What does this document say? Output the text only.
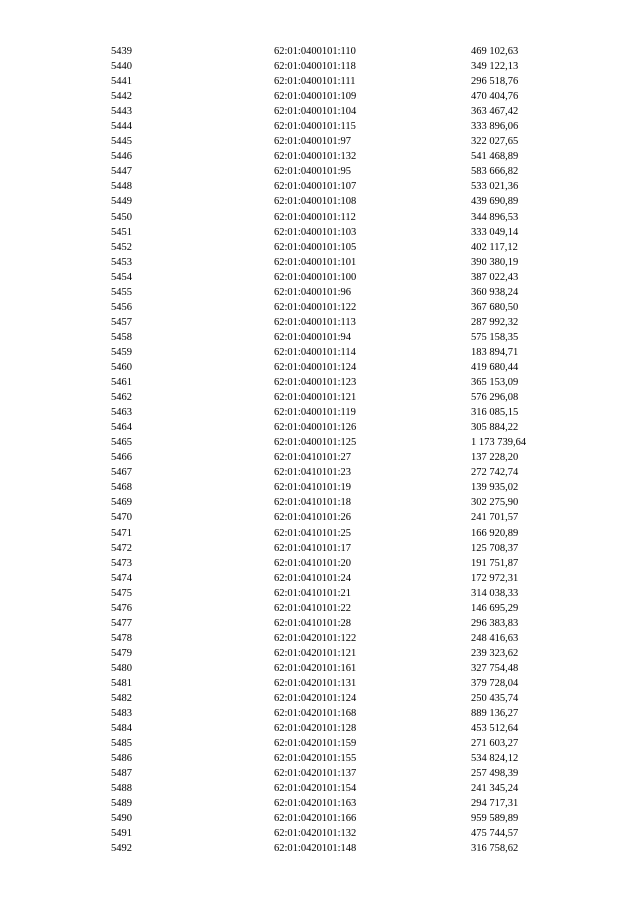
5439	62:01:0400101:110	469 102,63
5440	62:01:0400101:118	349 122,13
5441	62:01:0400101:111	296 518,76
5442	62:01:0400101:109	470 404,76
5443	62:01:0400101:104	363 467,42
5444	62:01:0400101:115	333 896,06
5445	62:01:0400101:97	322 027,65
5446	62:01:0400101:132	541 468,89
5447	62:01:0400101:95	583 666,82
5448	62:01:0400101:107	533 021,36
5449	62:01:0400101:108	439 690,89
5450	62:01:0400101:112	344 896,53
5451	62:01:0400101:103	333 049,14
5452	62:01:0400101:105	402 117,12
5453	62:01:0400101:101	390 380,19
5454	62:01:0400101:100	387 022,43
5455	62:01:0400101:96	360 938,24
5456	62:01:0400101:122	367 680,50
5457	62:01:0400101:113	287 992,32
5458	62:01:0400101:94	575 158,35
5459	62:01:0400101:114	183 894,71
5460	62:01:0400101:124	419 680,44
5461	62:01:0400101:123	365 153,09
5462	62:01:0400101:121	576 296,08
5463	62:01:0400101:119	316 085,15
5464	62:01:0400101:126	305 884,22
5465	62:01:0400101:125	1 173 739,64
5466	62:01:0410101:27	137 228,20
5467	62:01:0410101:23	272 742,74
5468	62:01:0410101:19	139 935,02
5469	62:01:0410101:18	302 275,90
5470	62:01:0410101:26	241 701,57
5471	62:01:0410101:25	166 920,89
5472	62:01:0410101:17	125 708,37
5473	62:01:0410101:20	191 751,87
5474	62:01:0410101:24	172 972,31
5475	62:01:0410101:21	314 038,33
5476	62:01:0410101:22	146 695,29
5477	62:01:0410101:28	296 383,83
5478	62:01:0420101:122	248 416,63
5479	62:01:0420101:121	239 323,62
5480	62:01:0420101:161	327 754,48
5481	62:01:0420101:131	379 728,04
5482	62:01:0420101:124	250 435,74
5483	62:01:0420101:168	889 136,27
5484	62:01:0420101:128	453 512,64
5485	62:01:0420101:159	271 603,27
5486	62:01:0420101:155	534 824,12
5487	62:01:0420101:137	257 498,39
5488	62:01:0420101:154	241 345,24
5489	62:01:0420101:163	294 717,31
5490	62:01:0420101:166	959 589,89
5491	62:01:0420101:132	475 744,57
5492	62:01:0420101:148	316 758,62
